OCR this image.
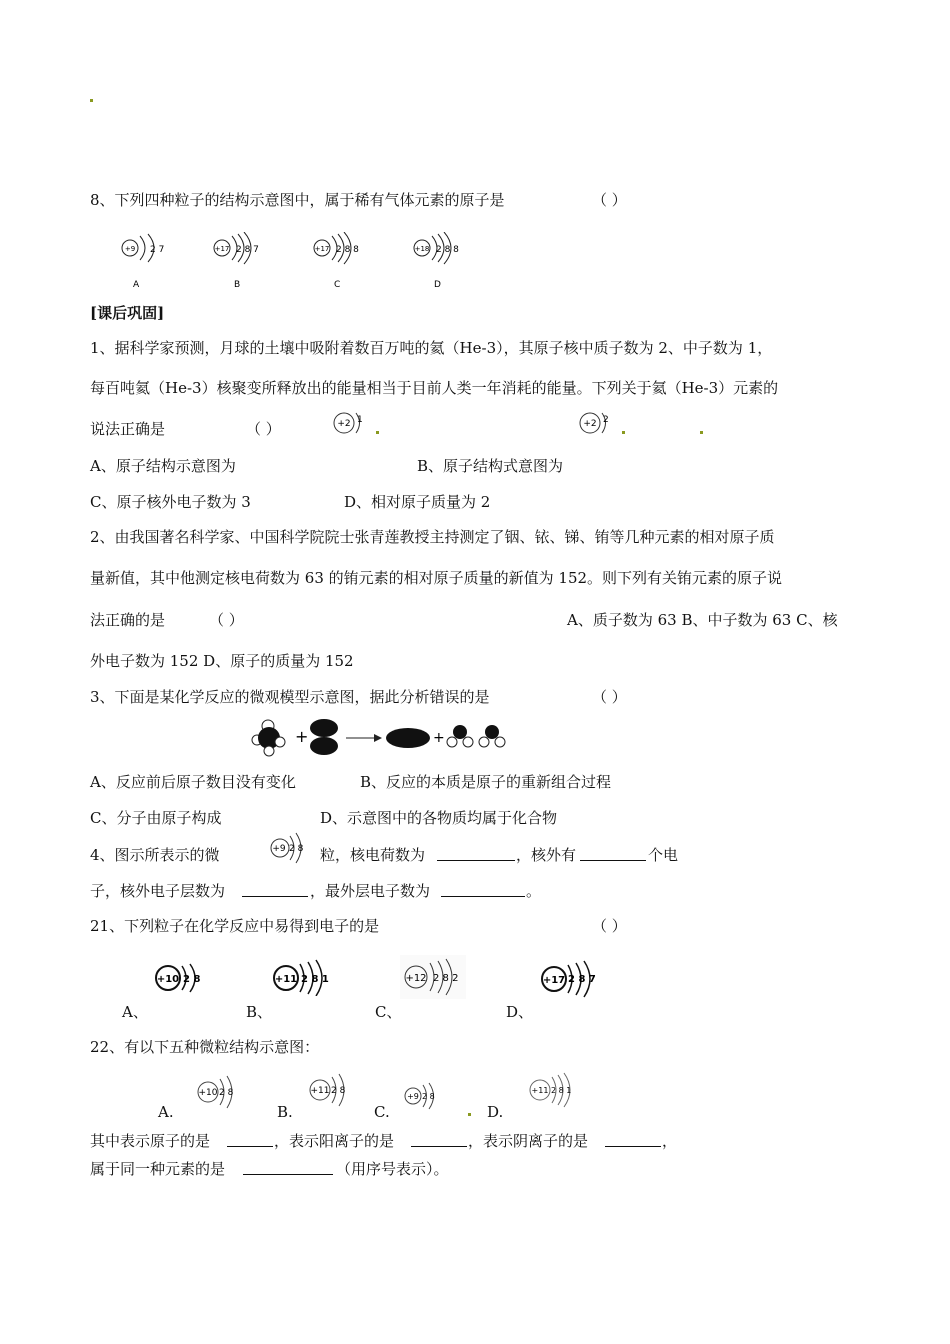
8、下列四种粒子的结构示意图中，属于稀有气体元素的原子是	（ ）
+9 2 7
A
+17 2 8 7
B
+17 2 8 8
C
+18 2 8 8
D
[课后巩固]
1、据科学家预测，月球的土壤中吸附着数百万吨的氦（He-3），其原子核中质子数为 2、中子数为 1，
每百吨氦（He-3）核聚变所释放出的能量相当于目前人类一年消耗的能量。下列关于氦（He-3）元素的
说法正确是	（ ）	+2 1	+2 2
A、原子结构示意图为	B、原子结构式意图为
C、原子核外电子数为 3	D、相对原子质量为 2
2、由我国著名科学家、中国科学院院士张青莲教授主持测定了铟、铱、锑、铕等几种元素的相对原子质
量新值，其中他测定核电荷数为 63 的铕元素的相对原子质量的新值为 152。则下列有关铕元素的原子说
法正确的是	（ ）	A、质子数为 63 B、中子数为 63 C、核
外电子数为 152 D、原子的质量为 152
3、下面是某化学反应的微观模型示意图，据此分析错误的是	（ ）
+	+
A、反应前后原子数目没有变化	B、反应的本质是原子的重新组合过程
C、分子由原子构成	D、示意图中的各物质均属于化合物
4、图示所表示的微	+9 2 8 粒，核电荷数为	，核外有	个电
子，核外电子层数为	，最外层电子数为	。
21、下列粒子在化学反应中易得到电子的是	（ ）
+10 2 8	+11 2 8 1	+12 2 8 2	+17 2 8 7
A、	B、	C、	D、
22、有以下五种微粒结构示意图：
+10 2 8	+11 2 8
+9 2 8
+11 2 8 1
A.	B.	C.	D.
其中表示原子的是	，表示阳离子的是	，表示阴离子的是	，
属于同一种元素的是	（用序号表示）。
